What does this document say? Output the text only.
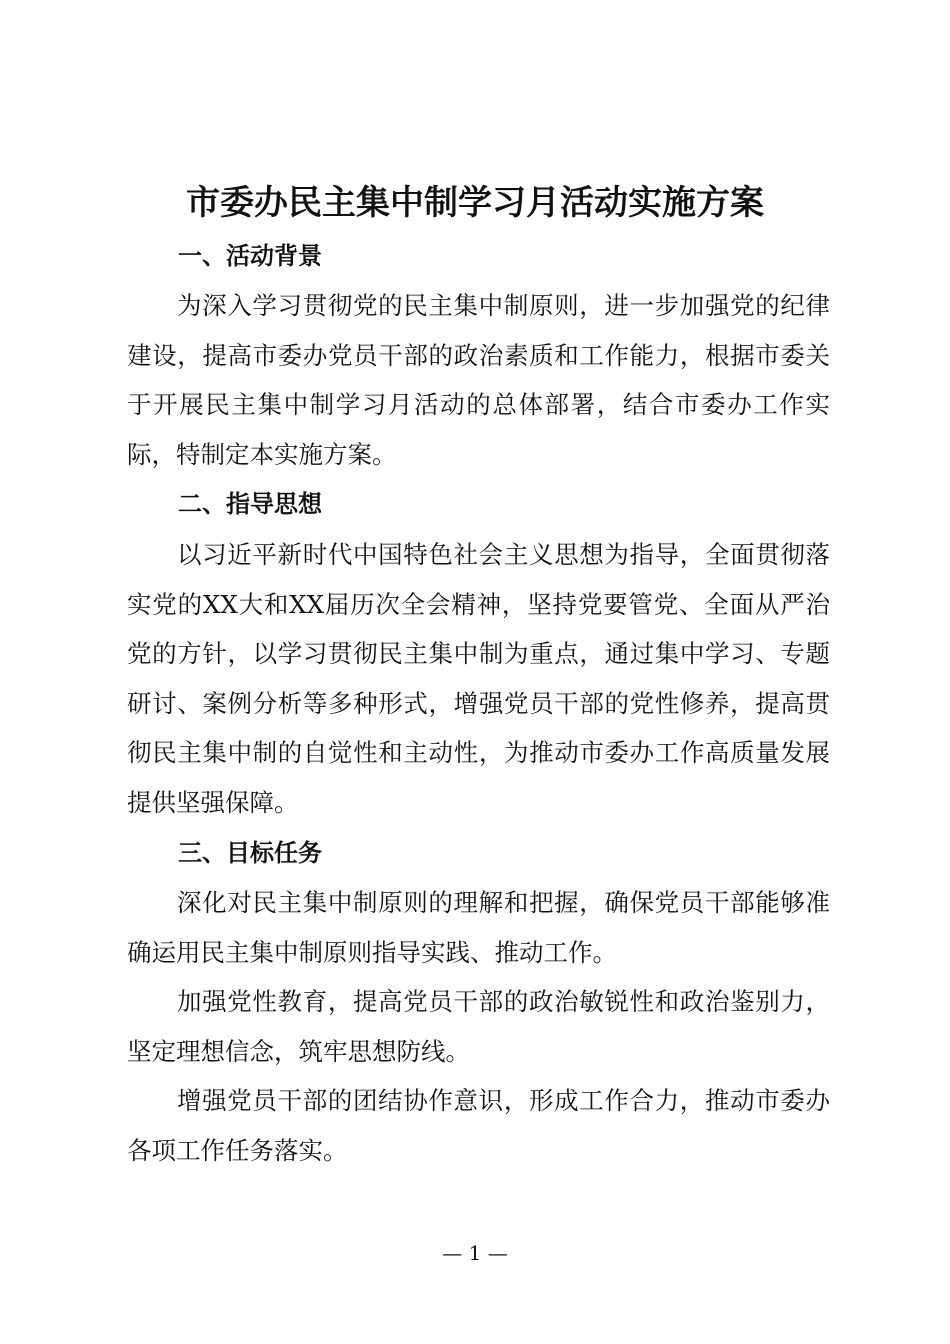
市委办民主集中制学习月活动实施方案
一、活动背景
为深入学习贯彻党的民主集中制原则，进一步加强党的纪律建设，提高市委办党员干部的政治素质和工作能力，根据市委关于开展民主集中制学习月活动的总体部署，结合市委办工作实际，特制定本实施方案。
二、指导思想
以习近平新时代中国特色社会主义思想为指导，全面贯彻落实党的XX大和XX届历次全会精神，坚持党要管党、全面从严治党的方针，以学习贯彻民主集中制为重点，通过集中学习、专题研讨、案例分析等多种形式，增强党员干部的党性修养，提高贯彻民主集中制的自觉性和主动性，为推动市委办工作高质量发展提供坚强保障。
三、目标任务
深化对民主集中制原则的理解和把握，确保党员干部能够准确运用民主集中制原则指导实践、推动工作。
加强党性教育，提高党员干部的政治敏锐性和政治鉴别力，坚定理想信念，筑牢思想防线。
增强党员干部的团结协作意识，形成工作合力，推动市委办各项工作任务落实。
— 1 —
